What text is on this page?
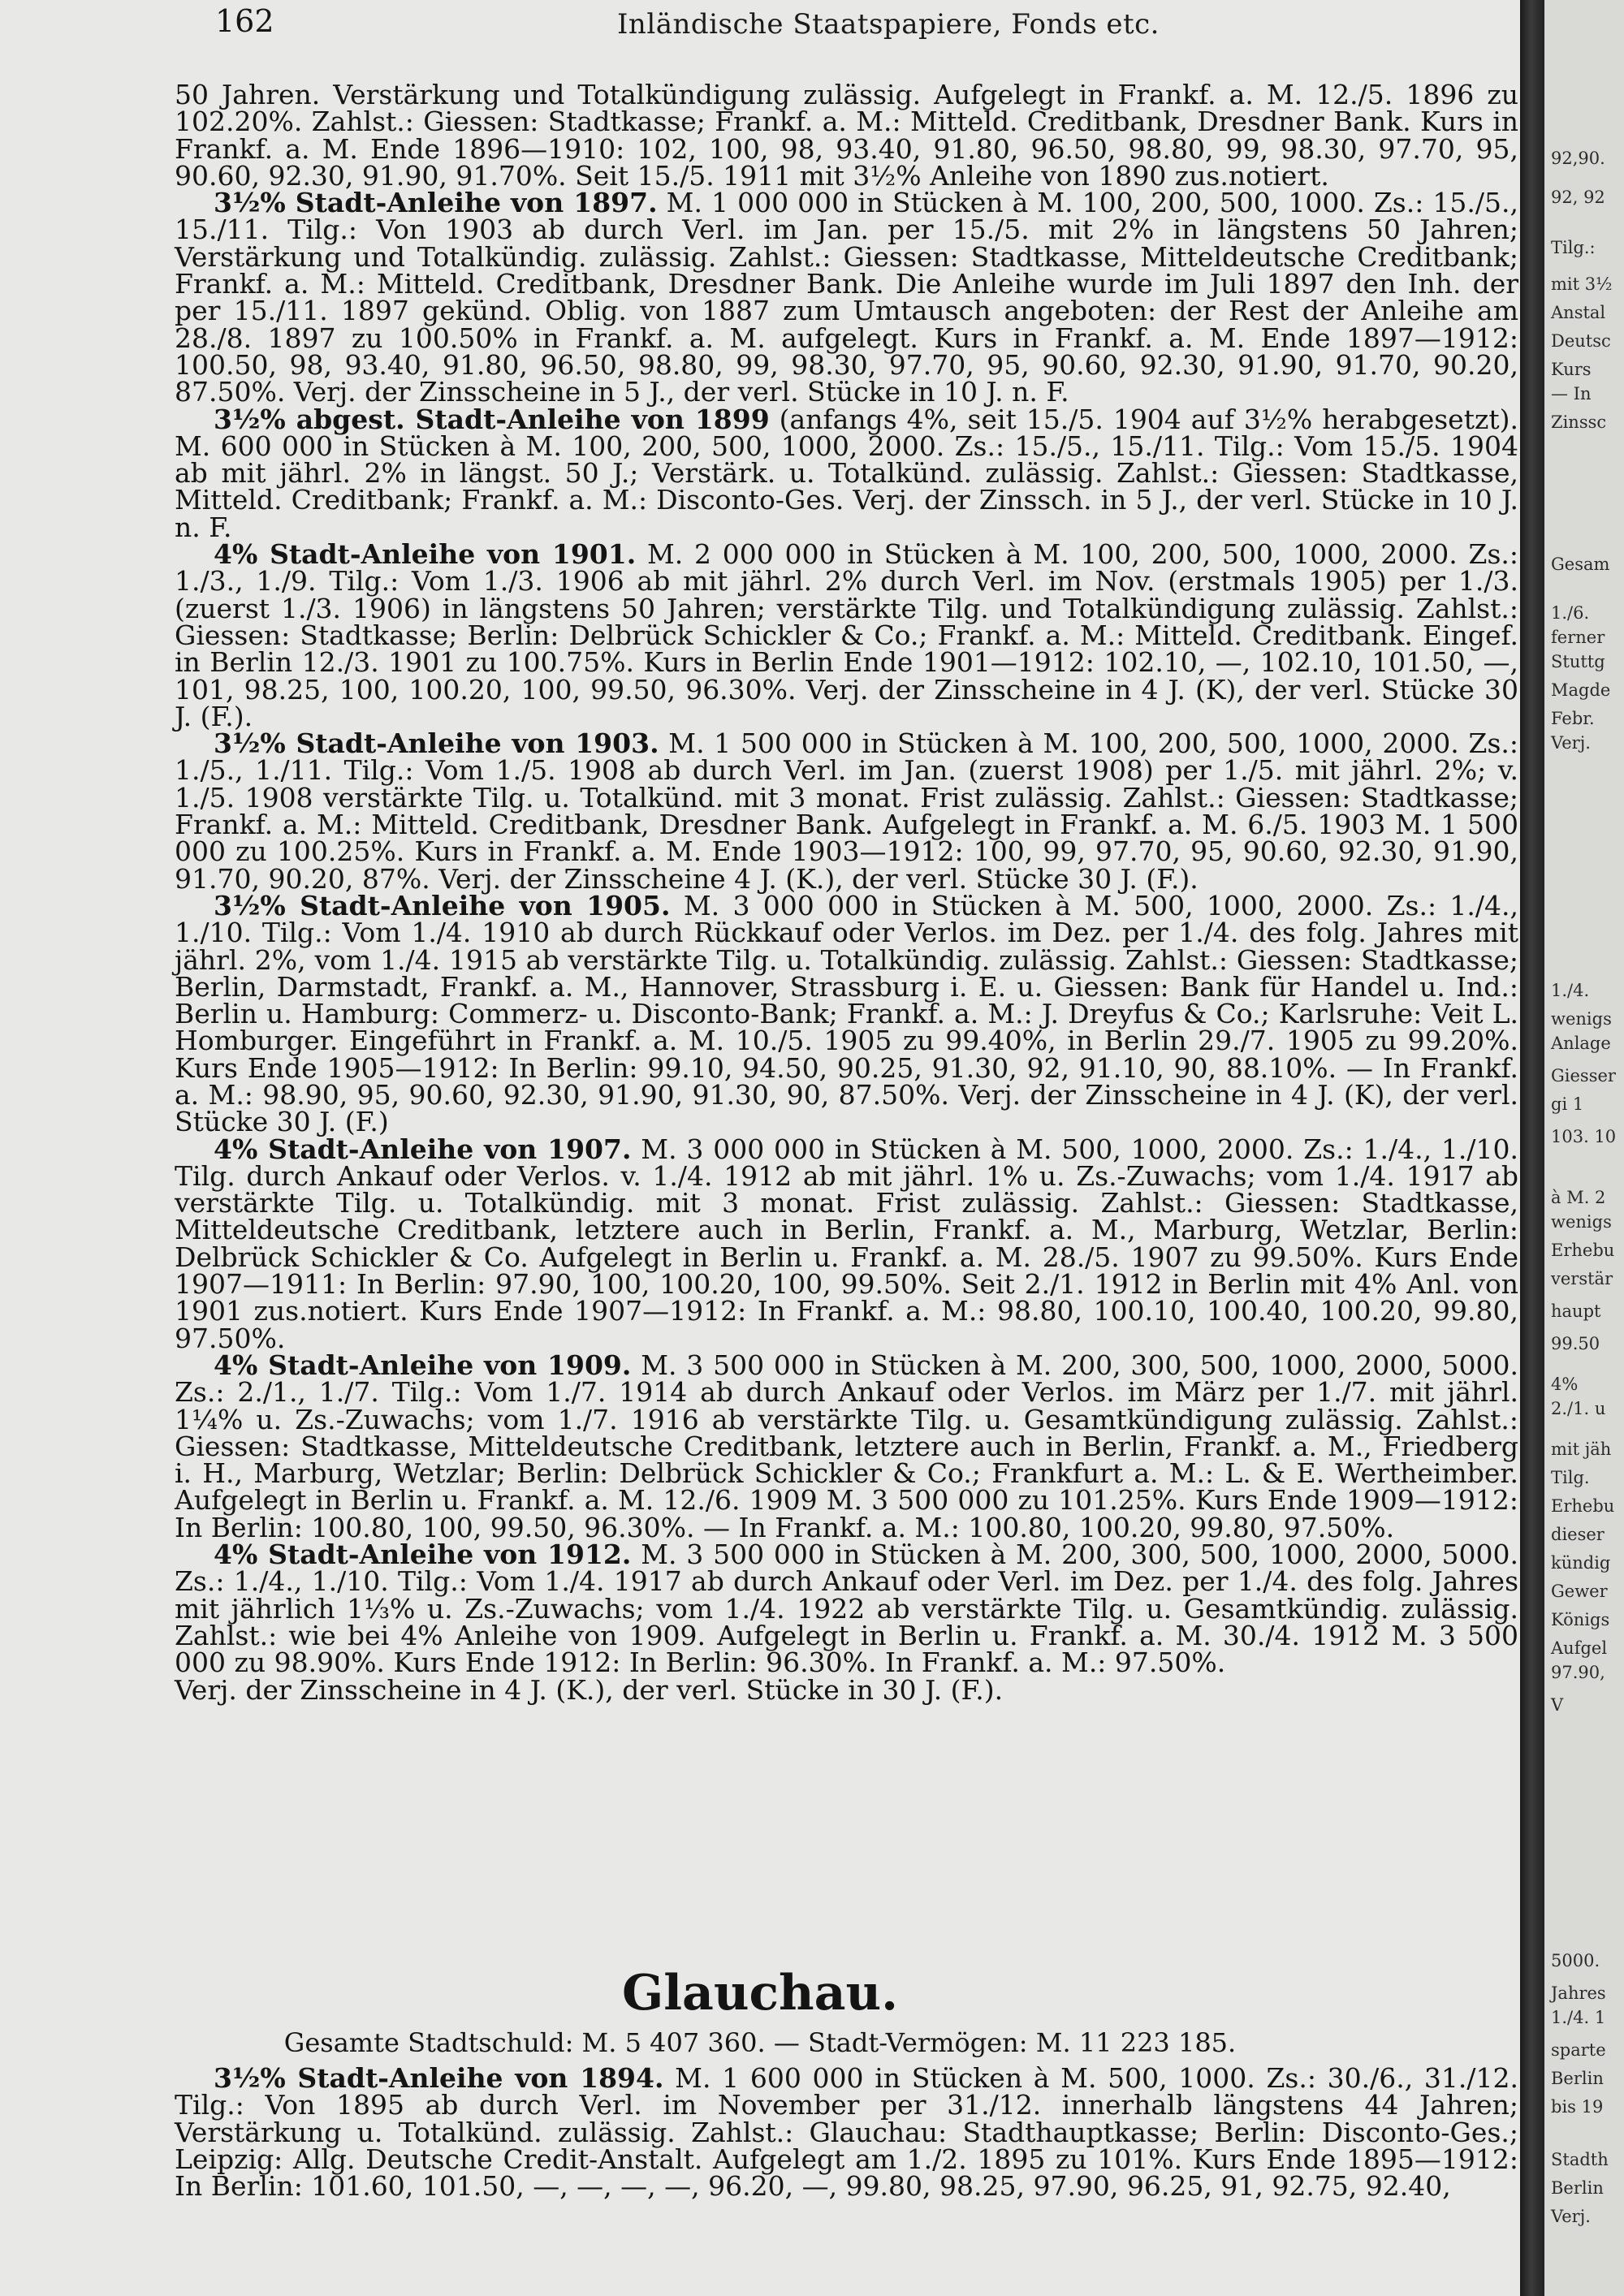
162	Inländische Staatspapiere, Fonds etc.

50 Jahren. Verstärkung und Totalkündigung zulässig. Aufgelegt in Frankf. a. M. 12./5. 1896 zu 102.20%. Zahlst.: Giessen: Stadtkasse; Frankf. a. M.: Mitteld. Creditbank, Dresdner Bank. Kurs in Frankf. a. M. Ende 1896—1910: 102, 100, 98, 93.40, 91.80, 96.50, 98.80, 99, 98.30, 97.70, 95, 90.60, 92.30, 91.90, 91.70%. Seit 15./5. 1911 mit 3½% Anleihe von 1890 zus.notiert.

3½% Stadt-Anleihe von 1897. M. 1 000 000 in Stücken à M. 100, 200, 500, 1000. Zs.: 15./5., 15./11. Tilg.: Von 1903 ab durch Verl. im Jan. per 15./5. mit 2% in längstens 50 Jahren; Verstärkung und Totalkündig. zulässig. Zahlst.: Giessen: Stadtkasse, Mitteldeutsche Creditbank; Frankf. a. M.: Mitteld. Creditbank, Dresdner Bank. Die Anleihe wurde im Juli 1897 den Inh. der per 15./11. 1897 gekünd. Oblig. von 1887 zum Umtausch angeboten: der Rest der Anleihe am 28./8. 1897 zu 100.50% in Frankf. a. M. aufgelegt. Kurs in Frankf. a. M. Ende 1897—1912: 100.50, 98, 93.40, 91.80, 96.50, 98.80, 99, 98.30, 97.70, 95, 90.60, 92.30, 91.90, 91.70, 90.20, 87.50%. Verj. der Zinsscheine in 5 J., der verl. Stücke in 10 J. n. F.

3½% abgest. Stadt-Anleihe von 1899 (anfangs 4%, seit 15./5. 1904 auf 3½% herabgesetzt). M. 600 000 in Stücken à M. 100, 200, 500, 1000, 2000. Zs.: 15./5., 15./11. Tilg.: Vom 15./5. 1904 ab mit jährl. 2% in längst. 50 J.; Verstärk. u. Totalkünd. zulässig. Zahlst.: Giessen: Stadtkasse, Mitteld. Creditbank; Frankf. a. M.: Disconto-Ges. Verj. der Zinssch. in 5 J., der verl. Stücke in 10 J. n. F.

4% Stadt-Anleihe von 1901. M. 2 000 000 in Stücken à M. 100, 200, 500, 1000, 2000. Zs.: 1./3., 1./9. Tilg.: Vom 1./3. 1906 ab mit jährl. 2% durch Verl. im Nov. (erstmals 1905) per 1./3. (zuerst 1./3. 1906) in längstens 50 Jahren; verstärkte Tilg. und Totalkündigung zulässig. Zahlst.: Giessen: Stadtkasse; Berlin: Delbrück Schickler & Co.; Frankf. a. M.: Mitteld. Creditbank. Eingef. in Berlin 12./3. 1901 zu 100.75%. Kurs in Berlin Ende 1901—1912: 102.10, —, 102.10, 101.50, —, 101, 98.25, 100, 100.20, 100, 99.50, 96.30%. Verj. der Zinsscheine in 4 J. (K), der verl. Stücke 30 J. (F.).

3½% Stadt-Anleihe von 1903. M. 1 500 000 in Stücken à M. 100, 200, 500, 1000, 2000. Zs.: 1./5., 1./11. Tilg.: Vom 1./5. 1908 ab durch Verl. im Jan. (zuerst 1908) per 1./5. mit jährl. 2%; v. 1./5. 1908 verstärkte Tilg. u. Totalkünd. mit 3 monat. Frist zulässig. Zahlst.: Giessen: Stadtkasse; Frankf. a. M.: Mitteld. Creditbank, Dresdner Bank. Aufgelegt in Frankf. a. M. 6./5. 1903 M. 1 500 000 zu 100.25%. Kurs in Frankf. a. M. Ende 1903—1912: 100, 99, 97.70, 95, 90.60, 92.30, 91.90, 91.70, 90.20, 87%. Verj. der Zinsscheine 4 J. (K.), der verl. Stücke 30 J. (F.).

3½% Stadt-Anleihe von 1905. M. 3 000 000 in Stücken à M. 500, 1000, 2000. Zs.: 1./4., 1./10. Tilg.: Vom 1./4. 1910 ab durch Rückkauf oder Verlos. im Dez. per 1./4. des folg. Jahres mit jährl. 2%, vom 1./4. 1915 ab verstärkte Tilg. u. Totalkündig. zulässig. Zahlst.: Giessen: Stadtkasse; Berlin, Darmstadt, Frankf. a. M., Hannover, Strassburg i. E. u. Giessen: Bank für Handel u. Ind.: Berlin u. Hamburg: Commerz- u. Disconto-Bank; Frankf. a. M.: J. Dreyfus & Co.; Karlsruhe: Veit L. Homburger. Eingeführt in Frankf. a. M. 10./5. 1905 zu 99.40%, in Berlin 29./7. 1905 zu 99.20%. Kurs Ende 1905—1912: In Berlin: 99.10, 94.50, 90.25, 91.30, 92, 91.10, 90, 88.10%. — In Frankf. a. M.: 98.90, 95, 90.60, 92.30, 91.90, 91.30, 90, 87.50%. Verj. der Zinsscheine in 4 J. (K), der verl. Stücke 30 J. (F.)

4% Stadt-Anleihe von 1907. M. 3 000 000 in Stücken à M. 500, 1000, 2000. Zs.: 1./4., 1./10. Tilg. durch Ankauf oder Verlos. v. 1./4. 1912 ab mit jährl. 1% u. Zs.-Zuwachs; vom 1./4. 1917 ab verstärkte Tilg. u. Totalkündig. mit 3 monat. Frist zulässig. Zahlst.: Giessen: Stadtkasse, Mitteldeutsche Creditbank, letztere auch in Berlin, Frankf. a. M., Marburg, Wetzlar, Berlin: Delbrück Schickler & Co. Aufgelegt in Berlin u. Frankf. a. M. 28./5. 1907 zu 99.50%. Kurs Ende 1907—1911: In Berlin: 97.90, 100, 100.20, 100, 99.50%. Seit 2./1. 1912 in Berlin mit 4% Anl. von 1901 zus.notiert. Kurs Ende 1907—1912: In Frankf. a. M.: 98.80, 100.10, 100.40, 100.20, 99.80, 97.50%.

4% Stadt-Anleihe von 1909. M. 3 500 000 in Stücken à M. 200, 300, 500, 1000, 2000, 5000. Zs.: 2./1., 1./7. Tilg.: Vom 1./7. 1914 ab durch Ankauf oder Verlos. im März per 1./7. mit jährl. 1¼% u. Zs.-Zuwachs; vom 1./7. 1916 ab verstärkte Tilg. u. Gesamtkündigung zulässig. Zahlst.: Giessen: Stadtkasse, Mitteldeutsche Creditbank, letztere auch in Berlin, Frankf. a. M., Friedberg i. H., Marburg, Wetzlar; Berlin: Delbrück Schickler & Co.; Frankfurt a. M.: L. & E. Wertheimber. Aufgelegt in Berlin u. Frankf. a. M. 12./6. 1909 M. 3 500 000 zu 101.25%. Kurs Ende 1909—1912: In Berlin: 100.80, 100, 99.50, 96.30%. — In Frankf. a. M.: 100.80, 100.20, 99.80, 97.50%.

4% Stadt-Anleihe von 1912. M. 3 500 000 in Stücken à M. 200, 300, 500, 1000, 2000, 5000. Zs.: 1./4., 1./10. Tilg.: Vom 1./4. 1917 ab durch Ankauf oder Verl. im Dez. per 1./4. des folg. Jahres mit jährlich 1⅓% u. Zs.-Zuwachs; vom 1./4. 1922 ab verstärkte Tilg. u. Gesamtkündig. zulässig. Zahlst.: wie bei 4% Anleihe von 1909. Aufgelegt in Berlin u. Frankf. a. M. 30./4. 1912 M. 3 500 000 zu 98.90%. Kurs Ende 1912: In Berlin: 96.30%. In Frankf. a. M.: 97.50%.
Verj. der Zinsscheine in 4 J. (K.), der verl. Stücke in 30 J. (F.).

Glauchau.
Gesamte Stadtschuld: M. 5 407 360. — Stadt-Vermögen: M. 11 223 185.

3½% Stadt-Anleihe von 1894. M. 1 600 000 in Stücken à M. 500, 1000. Zs.: 30./6., 31./12. Tilg.: Von 1895 ab durch Verl. im November per 31./12. innerhalb längstens 44 Jahren; Verstärkung u. Totalkünd. zulässig. Zahlst.: Glauchau: Stadthauptkasse; Berlin: Disconto-Ges.; Leipzig: Allg. Deutsche Credit-Anstalt. Aufgelegt am 1./2. 1895 zu 101%. Kurs Ende 1895—1912: In Berlin: 101.60, 101.50, —, —, —, —, 96.20, —, 99.80, 98.25, 97.90, 96.25, 91, 92.75, 92.40,

92,90.
92, 92
Tilg.:
mit 3½
Anstal
Deutsc
Kurs
— In
Zinssc
Gesam
1./6.
ferner
Stuttg
Magde
Febr.
Verj.
1./4.
wenigs
Anlage
Giesser
gi 1
103. 10
à M. 2
wenigs
Erhebu
verstär
haupt
99.50
4%
2./1. u
mit jäh
Tilg.
Erhebu
dieser
kündig
Gewer
Königs
Aufgel
97.90,
V
5000.
Jahres
1./4. 1
sparte
Berlin
bis 19
Stadth
Berlin
Verj.
